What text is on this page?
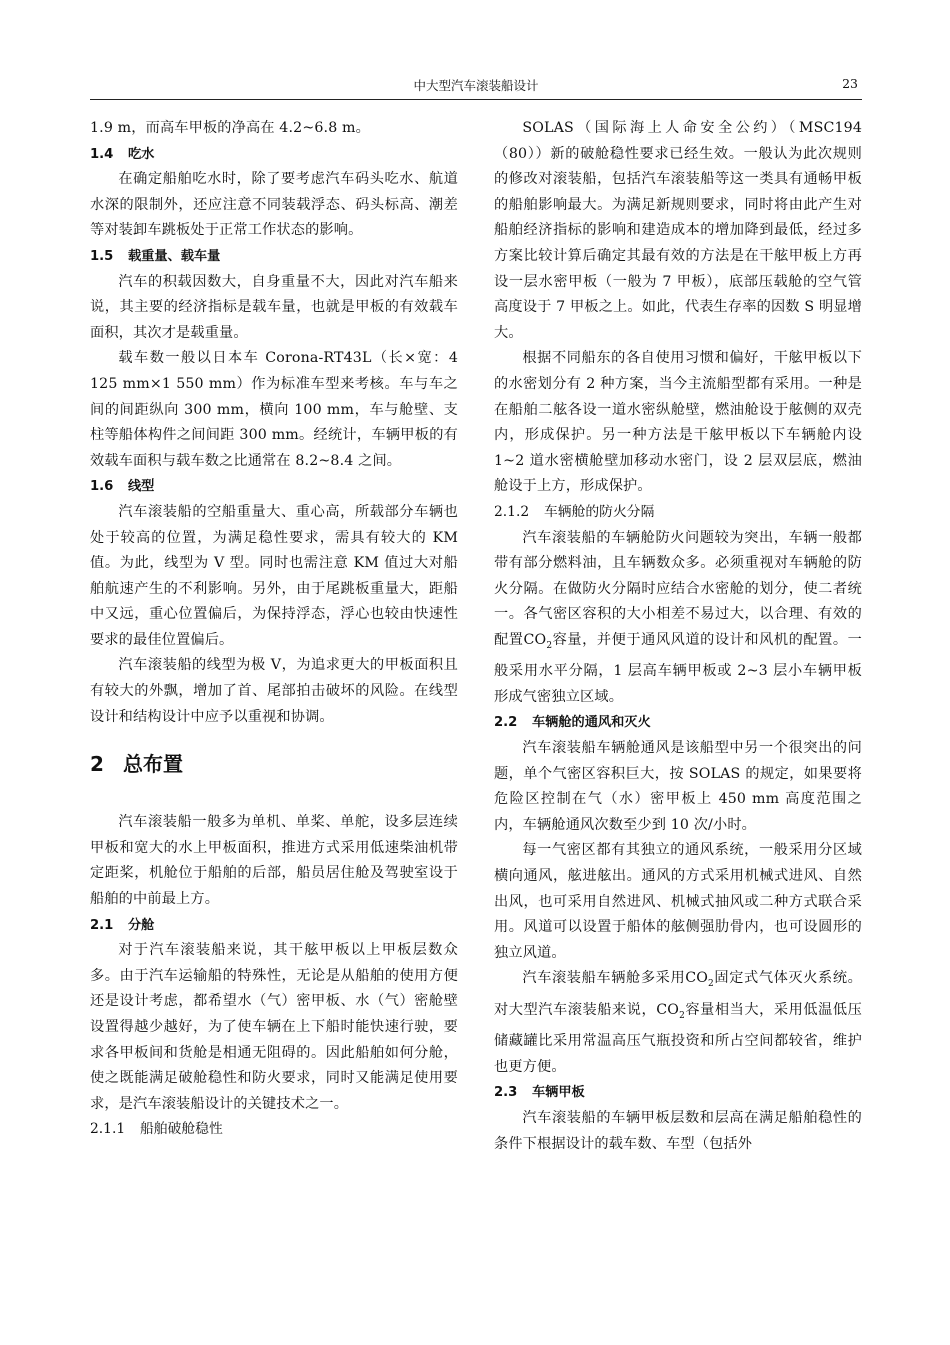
中大型汽车滚装船设计	23

1.9 m，而高车甲板的净高在 4.2~6.8 m。

1.4 吃水

在确定船舶吃水时，除了要考虑汽车码头吃水、航道水深的限制外，还应注意不同装载浮态、码头标高、潮差等对装卸车跳板处于正常工作状态的影响。

1.5 载重量、载车量

汽车的积载因数大，自身重量不大，因此对汽车船来说，其主要的经济指标是载车量，也就是甲板的有效载车面积，其次才是载重量。

载车数一般以日本车 Corona-RT43L（长×宽：4 125 mm×1 550 mm）作为标准车型来考核。车与车之间的间距纵向 300 mm，横向 100 mm，车与舱壁、支柱等船体构件之间间距 300 mm。经统计，车辆甲板的有效载车面积与载车数之比通常在 8.2~8.4 之间。

1.6 线型

汽车滚装船的空船重量大、重心高，所载部分车辆也处于较高的位置，为满足稳性要求，需具有较大的 KM 值。为此，线型为 V 型。同时也需注意 KM 值过大对船舶航速产生的不利影响。另外，由于尾跳板重量大，距船中又远，重心位置偏后，为保持浮态，浮心也较由快速性要求的最佳位置偏后。

汽车滚装船的线型为极 V，为追求更大的甲板面积且有较大的外飘，增加了首、尾部拍击破坏的风险。在线型设计和结构设计中应予以重视和协调。

2 总布置

汽车滚装船一般多为单机、单桨、单舵，设多层连续甲板和宽大的水上甲板面积，推进方式采用低速柴油机带定距桨，机舱位于船舶的后部，船员居住舱及驾驶室设于船舶的中前最上方。

2.1 分舱

对于汽车滚装船来说，其干舷甲板以上甲板层数众多。由于汽车运输船的特殊性，无论是从船舶的使用方便还是设计考虑，都希望水（气）密甲板、水（气）密舱壁设置得越少越好，为了使车辆在上下船时能快速行驶，要求各甲板间和货舱是相通无阻碍的。因此船舶如何分舱，使之既能满足破舱稳性和防火要求，同时又能满足使用要求，是汽车滚装船设计的关键技术之一。

2.1.1 船舶破舱稳性

SOLAS（国际海上人命安全公约）（MSC194（80））新的破舱稳性要求已经生效。一般认为此次规则的修改对滚装船，包括汽车滚装船等这一类具有通畅甲板的船舶影响最大。为满足新规则要求，同时将由此产生对船舶经济指标的影响和建造成本的增加降到最低，经过多方案比较计算后确定其最有效的方法是在干舷甲板上方再设一层水密甲板（一般为 7 甲板），底部压载舱的空气管高度设于 7 甲板之上。如此，代表生存率的因数 S 明显增大。

根据不同船东的各自使用习惯和偏好，干舷甲板以下的水密划分有 2 种方案，当今主流船型都有采用。一种是在船舶二舷各设一道水密纵舱壁，燃油舱设于舷侧的双壳内，形成保护。另一种方法是干舷甲板以下车辆舱内设 1~2 道水密横舱壁加移动水密门，设 2 层双层底，燃油舱设于上方，形成保护。

2.1.2 车辆舱的防火分隔

汽车滚装船的车辆舱防火问题较为突出，车辆一般都带有部分燃料油，且车辆数众多。必须重视对车辆舱的防火分隔。在做防火分隔时应结合水密舱的划分，使二者统一。各气密区容积的大小相差不易过大，以合理、有效的配置$CO_2$容量，并便于通风风道的设计和风机的配置。一般采用水平分隔，1 层高车辆甲板或 2~3 层小车辆甲板形成气密独立区域。

2.2 车辆舱的通风和灭火

汽车滚装船车辆舱通风是该船型中另一个很突出的问题，单个气密区容积巨大，按 SOLAS 的规定，如果要将危险区控制在气（水）密甲板上 450 mm 高度范围之内，车辆舱通风次数至少到 10 次/小时。

每一气密区都有其独立的通风系统，一般采用分区域横向通风，舷进舷出。通风的方式采用机械式进风、自然出风，也可采用自然进风、机械式抽风或二种方式联合采用。风道可以设置于船体的舷侧强肋骨内，也可设圆形的独立风道。

汽车滚装船车辆舱多采用$CO_2$固定式气体灭火系统。对大型汽车滚装船来说，$CO_2$容量相当大，采用低温低压储藏罐比采用常温高压气瓶投资和所占空间都较省，维护也更方便。

2.3 车辆甲板

汽车滚装船的车辆甲板层数和层高在满足船舶稳性的条件下根据设计的载车数、车型（包括外
